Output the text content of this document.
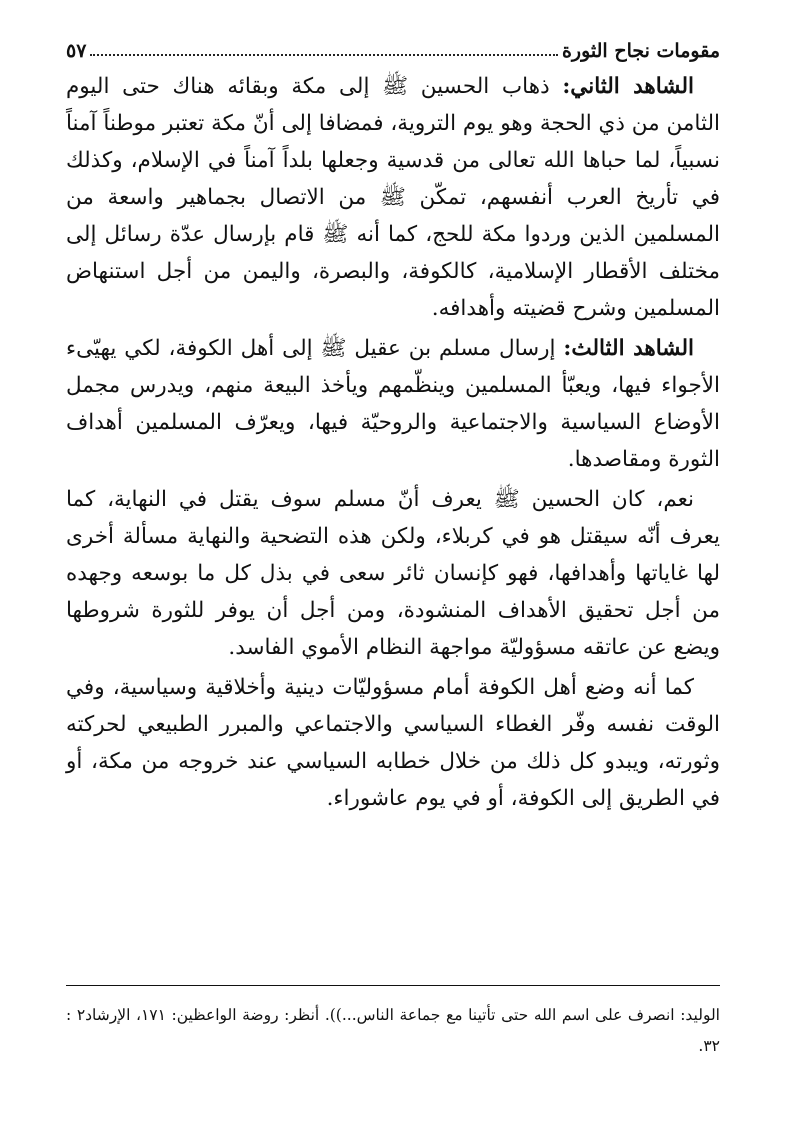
مقومات نجاح الثورة
٥٧

الشاهد الثاني: ذهاب الحسين ﷺ إلى مكة وبقائه هناك حتى اليوم الثامن من ذي الحجة وهو يوم التروية، فمضافا إلى أنّ مكة تعتبر موطناً آمناً نسبياً، لما حباها الله تعالى من قدسية وجعلها بلداً آمناً في الإسلام، وكذلك في تأريخ العرب أنفسهم، تمكّن ﷺ من الاتصال بجماهير واسعة من المسلمين الذين وردوا مكة للحج، كما أنه ﷺ قام بإرسال عدّة رسائل إلى مختلف الأقطار الإسلامية، كالكوفة، والبصرة، واليمن من أجل استنهاض المسلمين وشرح قضيته وأهدافه.

الشاهد الثالث: إرسال مسلم بن عقيل ﷺ إلى أهل الكوفة، لكي يهيّىء الأجواء فيها، ويعبّأ المسلمين وينظّمهم ويأخذ البيعة منهم، ويدرس مجمل الأوضاع السياسية والاجتماعية والروحيّة فيها، ويعرّف المسلمين أهداف الثورة ومقاصدها.

نعم، كان الحسين ﷺ يعرف أنّ مسلم سوف يقتل في النهاية، كما يعرف أنّه سيقتل هو في كربلاء، ولكن هذه التضحية والنهاية مسألة أخرى لها غاياتها وأهدافها، فهو كإنسان ثائر سعى في بذل كل ما بوسعه وجهده من أجل تحقيق الأهداف المنشودة، ومن أجل أن يوفر للثورة شروطها ويضع عن عاتقه مسؤوليّة مواجهة النظام الأموي الفاسد.

كما أنه وضع أهل الكوفة أمام مسؤوليّات دينية وأخلاقية وسياسية، وفي الوقت نفسه وفّر الغطاء السياسي والاجتماعي والمبرر الطبيعي لحركته وثورته، ويبدو كل ذلك من خلال خطابه السياسي عند خروجه من مكة، أو في الطريق إلى الكوفة، أو في يوم عاشوراء.

الوليد: انصرف على اسم الله حتى تأتينا مع جماعة الناس...)). أنظر: روضة الواعظين: ١٧١، الإرشاد٢ : ٣٢.
